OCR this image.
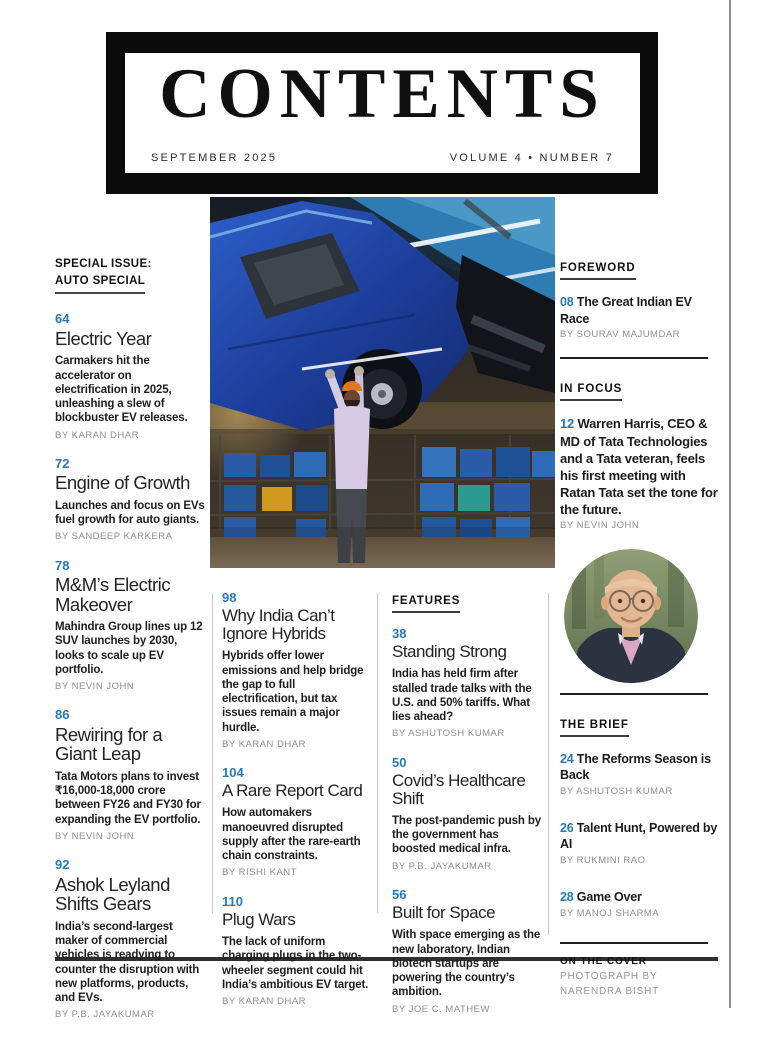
CONTENTS
SEPTEMBER 2025	VOLUME 4 • NUMBER 7
SPECIAL ISSUE:
AUTO SPECIAL
64
Electric Year
Carmakers hit the accelerator on electrification in 2025, unleashing a slew of blockbuster EV releases.
BY KARAN DHAR
72
Engine of Growth
Launches and focus on EVs fuel growth for auto giants.
BY SANDEEP KARKERA
78
M&M’s Electric Makeover
Mahindra Group lines up 12 SUV launches by 2030, looks to scale up EV portfolio.
BY NEVIN JOHN
86
Rewiring for a Giant Leap
Tata Motors plans to invest ₹16,000-18,000 crore between FY26 and FY30 for expanding the EV portfolio.
BY NEVIN JOHN
92
Ashok Leyland Shifts Gears
India’s second-largest maker of commercial vehicles is readying to counter the disruption with new platforms, products, and EVs.
BY P.B. JAYAKUMAR
98
Why India Can’t Ignore Hybrids
Hybrids offer lower emissions and help bridge the gap to full electrification, but tax issues remain a major hurdle.
BY KARAN DHAR
104
A Rare Report Card
How automakers manoeuvred disrupted supply after the rare-earth chain constraints.
BY RISHI KANT
110
Plug Wars
The lack of uniform charging plugs in the two-wheeler segment could hit India’s ambitious EV target.
BY KARAN DHAR
FEATURES
38
Standing Strong
India has held firm after stalled trade talks with the U.S. and 50% tariffs. What lies ahead?
BY ASHUTOSH KUMAR
50
Covid’s Healthcare Shift
The post-pandemic push by the government has boosted medical infra.
BY P.B. JAYAKUMAR
56
Built for Space
With space emerging as the new laboratory, Indian biotech startups are powering the country’s ambition.
BY JOE C. MATHEW
FOREWORD
08 The Great Indian EV Race
BY SOURAV MAJUMDAR
IN FOCUS
12 Warren Harris, CEO & MD of Tata Technologies and a Tata veteran, feels his first meeting with Ratan Tata set the tone for the future.
BY NEVIN JOHN
THE BRIEF
24 The Reforms Season is Back
BY ASHUTOSH KUMAR
26 Talent Hunt, Powered by AI
BY RUKMINI RAO
28 Game Over
BY MANOJ SHARMA
ON THE COVER
PHOTOGRAPH BY
NARENDRA BISHT
